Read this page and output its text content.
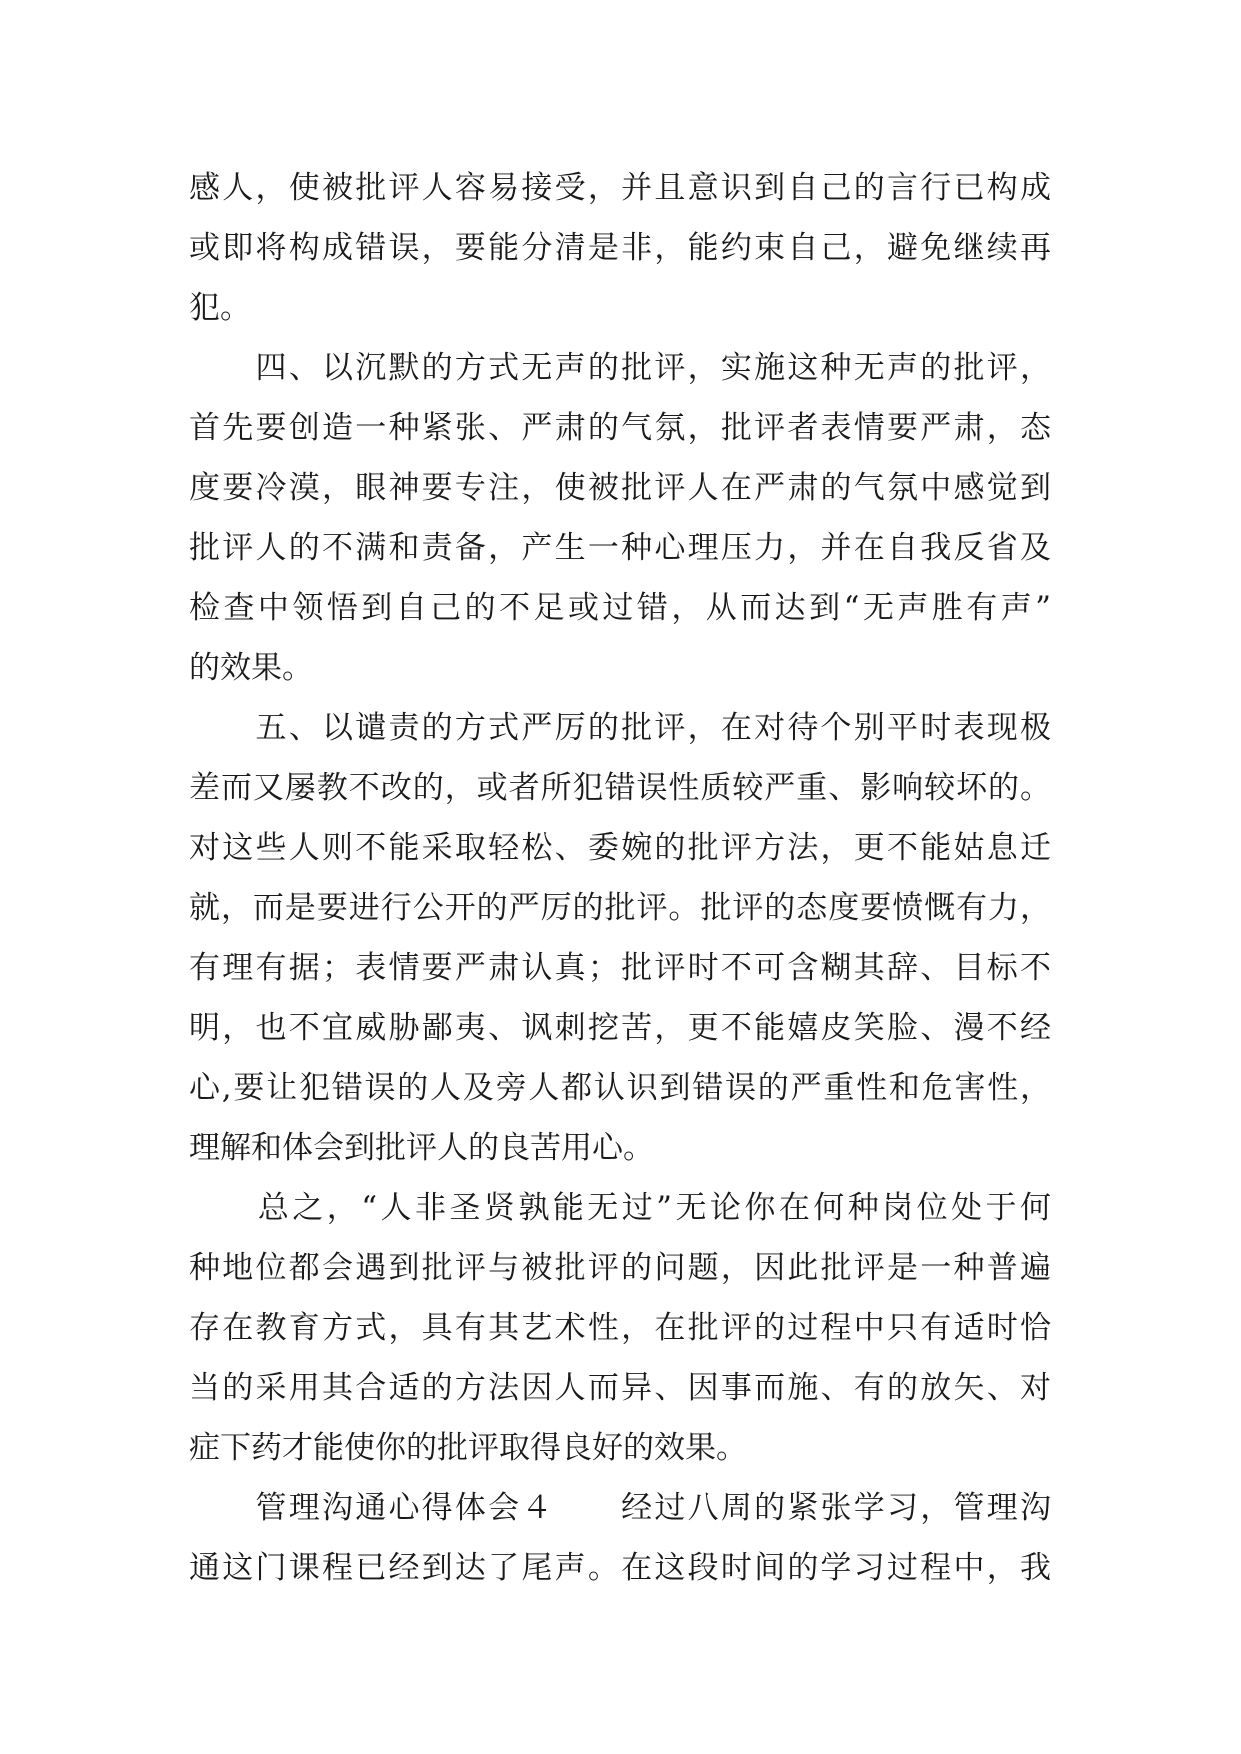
感人，使被批评人容易接受，并且意识到自己的言行已构成
或即将构成错误，要能分清是非，能约束自己，避免继续再
犯。
　　四、以沉默的方式无声的批评，实施这种无声的批评，
首先要创造一种紧张、严肃的气氛，批评者表情要严肃，态
度要冷漠，眼神要专注，使被批评人在严肃的气氛中感觉到
批评人的不满和责备，产生一种心理压力，并在自我反省及
检查中领悟到自己的不足或过错，从而达到“无声胜有声”
的效果。
　　五、以谴责的方式严厉的批评，在对待个别平时表现极
差而又屡教不改的，或者所犯错误性质较严重、影响较坏的。
对这些人则不能采取轻松、委婉的批评方法，更不能姑息迁
就，而是要进行公开的严厉的批评。批评的态度要愤慨有力，
有理有据；表情要严肃认真；批评时不可含糊其辞、目标不
明，也不宜威胁鄙夷、讽刺挖苦，更不能嬉皮笑脸、漫不经
心,要让犯错误的人及旁人都认识到错误的严重性和危害性，
理解和体会到批评人的良苦用心。
　　总之，“人非圣贤孰能无过”无论你在何种岗位处于何
种地位都会遇到批评与被批评的问题，因此批评是一种普遍
存在教育方式，具有其艺术性，在批评的过程中只有适时恰
当的采用其合适的方法因人而异、因事而施、有的放矢、对
症下药才能使你的批评取得良好的效果。
　　管理沟通心得体会４　　经过八周的紧张学习，管理沟
通这门课程已经到达了尾声。在这段时间的学习过程中，我
